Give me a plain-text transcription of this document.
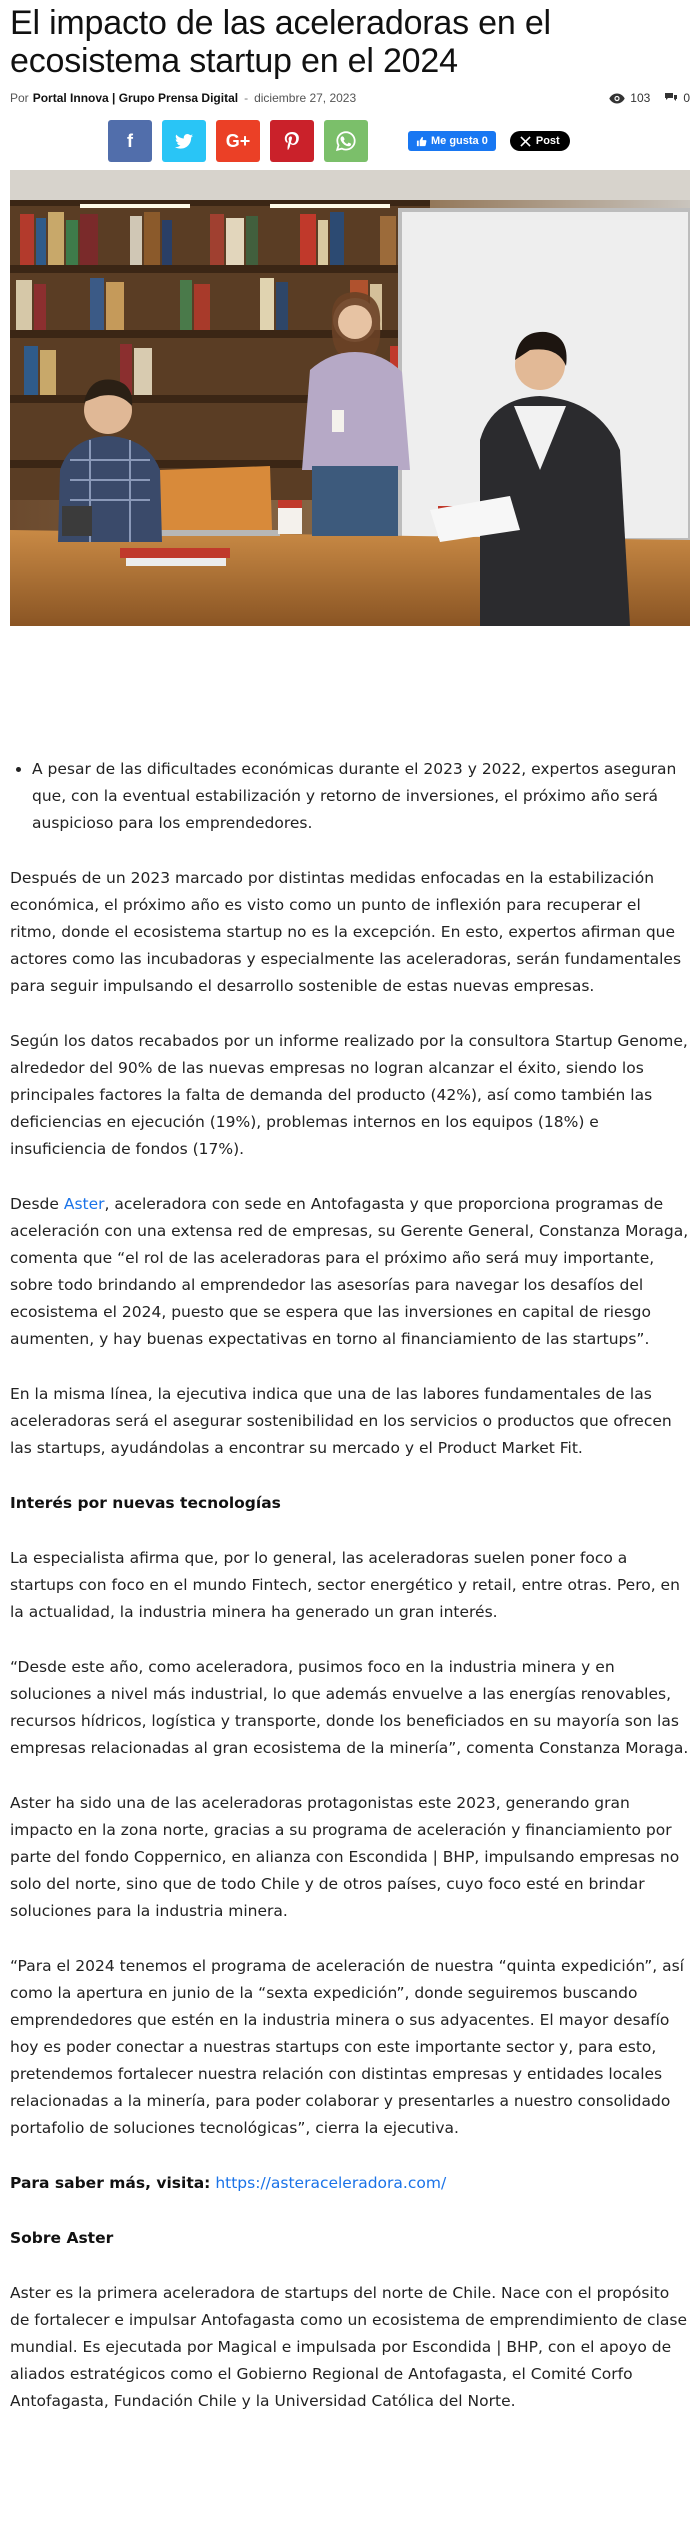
El impacto de las aceleradoras en el ecosistema startup en el 2024
Por Portal Innova | Grupo Prensa Digital - diciembre 27, 2023	103	0
f	G+	Me gusta 0	Post
• A pesar de las dificultades económicas durante el 2023 y 2022, expertos aseguran que, con la eventual estabilización y retorno de inversiones, el próximo año será auspicioso para los emprendedores.

Después de un 2023 marcado por distintas medidas enfocadas en la estabilización económica, el próximo año es visto como un punto de inflexión para recuperar el ritmo, donde el ecosistema startup no es la excepción. En esto, expertos afirman que actores como las incubadoras y especialmente las aceleradoras, serán fundamentales para seguir impulsando el desarrollo sostenible de estas nuevas empresas.

Según los datos recabados por un informe realizado por la consultora Startup Genome, alrededor del 90% de las nuevas empresas no logran alcanzar el éxito, siendo los principales factores la falta de demanda del producto (42%), así como también las deficiencias en ejecución (19%), problemas internos en los equipos (18%) e insuficiencia de fondos (17%).

Desde Aster, aceleradora con sede en Antofagasta y que proporciona programas de aceleración con una extensa red de empresas, su Gerente General, Constanza Moraga, comenta que “el rol de las aceleradoras para el próximo año será muy importante, sobre todo brindando al emprendedor las asesorías para navegar los desafíos del ecosistema el 2024, puesto que se espera que las inversiones en capital de riesgo aumenten, y hay buenas expectativas en torno al financiamiento de las startups”.

En la misma línea, la ejecutiva indica que una de las labores fundamentales de las aceleradoras será el asegurar sostenibilidad en los servicios o productos que ofrecen las startups, ayudándolas a encontrar su mercado y el Product Market Fit.

Interés por nuevas tecnologías

La especialista afirma que, por lo general, las aceleradoras suelen poner foco a startups con foco en el mundo Fintech, sector energético y retail, entre otras. Pero, en la actualidad, la industria minera ha generado un gran interés.

“Desde este año, como aceleradora, pusimos foco en la industria minera y en soluciones a nivel más industrial, lo que además envuelve a las energías renovables, recursos hídricos, logística y transporte, donde los beneficiados en su mayoría son las empresas relacionadas al gran ecosistema de la minería”, comenta Constanza Moraga.

Aster ha sido una de las aceleradoras protagonistas este 2023, generando gran impacto en la zona norte, gracias a su programa de aceleración y financiamiento por parte del fondo Coppernico, en alianza con Escondida | BHP, impulsando empresas no solo del norte, sino que de todo Chile y de otros países, cuyo foco esté en brindar soluciones para la industria minera.

“Para el 2024 tenemos el programa de aceleración de nuestra “quinta expedición”, así como la apertura en junio de la “sexta expedición”, donde seguiremos buscando emprendedores que estén en la industria minera o sus adyacentes. El mayor desafío hoy es poder conectar a nuestras startups con este importante sector y, para esto, pretendemos fortalecer nuestra relación con distintas empresas y entidades locales relacionadas a la minería, para poder colaborar y presentarles a nuestro consolidado portafolio de soluciones tecnológicas”, cierra la ejecutiva.

Para saber más, visita: https://asteraceleradora.com/

Sobre Aster

Aster es la primera aceleradora de startups del norte de Chile. Nace con el propósito de fortalecer e impulsar Antofagasta como un ecosistema de emprendimiento de clase mundial. Es ejecutada por Magical e impulsada por Escondida | BHP, con el apoyo de aliados estratégicos como el Gobierno Regional de Antofagasta, el Comité Corfo Antofagasta, Fundación Chile y la Universidad Católica del Norte.
